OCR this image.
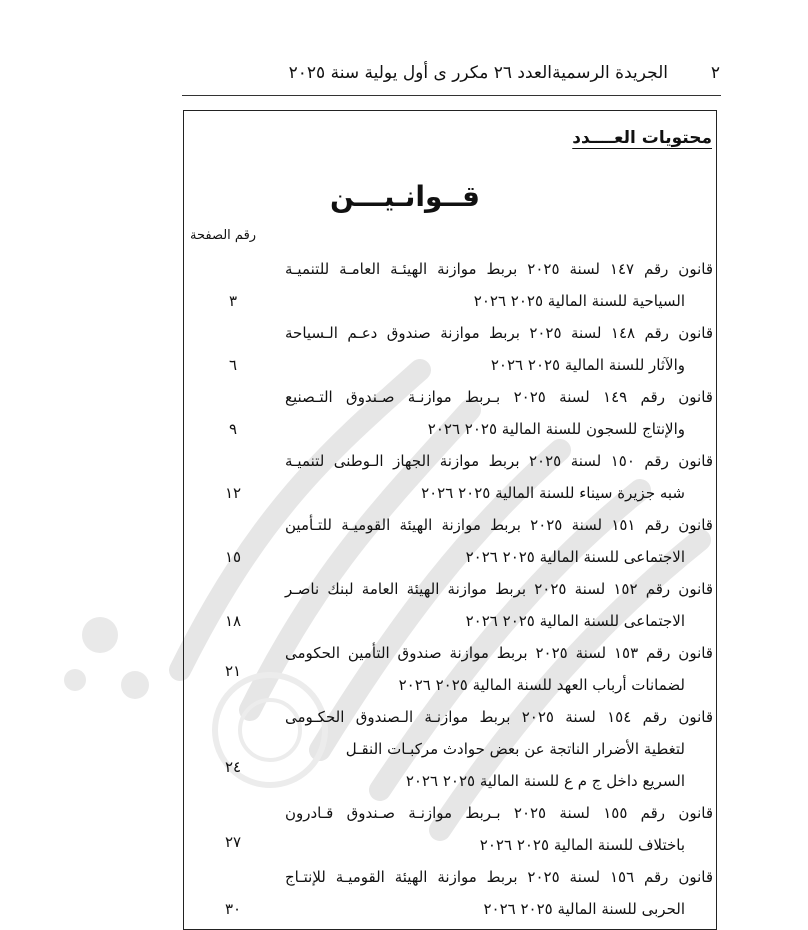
٢
الجريدة الرسمية
العدد ٢٦ مكرر ى أول يولية سنة ٢٠٢٥
محتويات العــــدد
قــوانـيـــن
رقم الصفحة
قانون رقم ١٤٧ لسنة ٢٠٢٥ بربط موازنة الهيئـة العامـة للتنميـة
السياحية للسنة المالية ٢٠٢٥ ٢٠٢٦
٣
قانون رقم ١٤٨ لسنة ٢٠٢٥ بربط موازنة صندوق دعـم الـسياحة
والآثار للسنة المالية ٢٠٢٥ ٢٠٢٦
٦
قانون رقم ١٤٩ لسنة ٢٠٢٥ بـربط موازنـة صـندوق التـصنيع
والإنتاج للسجون للسنة المالية ٢٠٢٥ ٢٠٢٦
٩
قانون رقم ١٥٠ لسنة ٢٠٢٥ بربط موازنة الجهاز الـوطنى لتنميـة
شبه جزيرة سيناء للسنة المالية ٢٠٢٥ ٢٠٢٦
١٢
قانون رقم ١٥١ لسنة ٢٠٢٥ بربط موازنة الهيئة القوميـة للتـأمين
الاجتماعى للسنة المالية ٢٠٢٥ ٢٠٢٦
١٥
قانون رقم ١٥٢ لسنة ٢٠٢٥ بربط موازنة الهيئة العامة لبنك ناصـر
الاجتماعى للسنة المالية ٢٠٢٥ ٢٠٢٦
١٨
قانون رقم ١٥٣ لسنة ٢٠٢٥ بربط موازنة صندوق التأمين الحكومى
لضمانات أرباب العهد للسنة المالية ٢٠٢٥ ٢٠٢٦
٢١
قانون رقم ١٥٤ لسنة ٢٠٢٥ بربط موازنـة الـصندوق الحكـومى
لتغطية الأضرار الناتجة عن بعض حوادث مركبـات النقـل
السريع داخل ج م ع للسنة المالية ٢٠٢٥ ٢٠٢٦
٢٤
قانون رقم ١٥٥ لسنة ٢٠٢٥ بـربط موازنـة صـندوق قـادرون
باختلاف للسنة المالية ٢٠٢٥ ٢٠٢٦
٢٧
قانون رقم ١٥٦ لسنة ٢٠٢٥ بربط موازنة الهيئة القوميـة للإنتـاج
الحربى للسنة المالية ٢٠٢٥ ٢٠٢٦
٣٠
